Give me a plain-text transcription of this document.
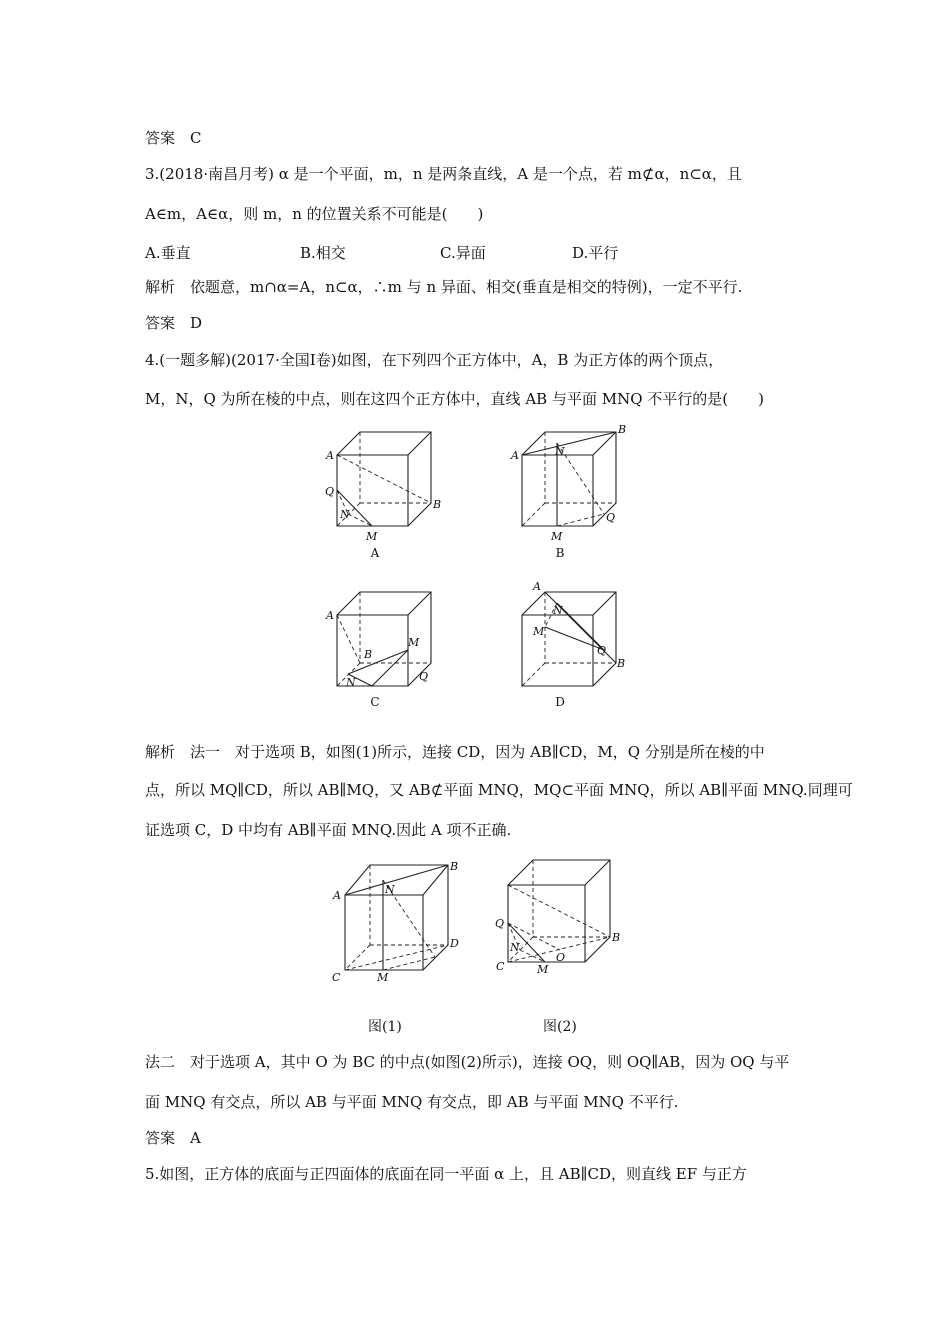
答案　C
3.(2018·南昌月考) α 是一个平面，m，n 是两条直线，A 是一个点，若 m⊄α，n⊂α，且
A∈m，A∈α，则 m，n 的位置关系不可能是(　　)
A.垂直	B.相交	C.异面	D.平行
解析　依题意，m∩α=A，n⊂α，∴m 与 n 异面、相交(垂直是相交的特例)，一定不平行.
答案　D
4.(一题多解)(2017·全国Ⅰ卷)如图，在下列四个正方体中，A，B 为正方体的两个顶点，
M，N，Q 为所在棱的中点，则在这四个正方体中，直线 AB 与平面 MNQ 不平行的是(　　)
A
Q
N
M
B
A
A	N
B
Q
M
B
A
M
B
N	Q
C
A
N
M
Q
B
D
解析　法一　对于选项 B，如图(1)所示，连接 CD，因为 AB∥CD，M，Q 分别是所在棱的中
点，所以 MQ∥CD，所以 AB∥MQ，又 AB⊄平面 MNQ，MQ⊂平面 MNQ，所以 AB∥平面 MNQ.同理可
证选项 C，D 中均有 AB∥平面 MNQ.因此 A 项不正确.
A	N
B
D
C	M
Q
N
C	M
O
B
图(1)	图(2)
法二　对于选项 A，其中 O 为 BC 的中点(如图(2)所示)，连接 OQ，则 OQ∥AB，因为 OQ 与平
面 MNQ 有交点，所以 AB 与平面 MNQ 有交点，即 AB 与平面 MNQ 不平行.
答案　A
5.如图，正方体的底面与正四面体的底面在同一平面 α 上，且 AB∥CD，则直线 EF 与正方
